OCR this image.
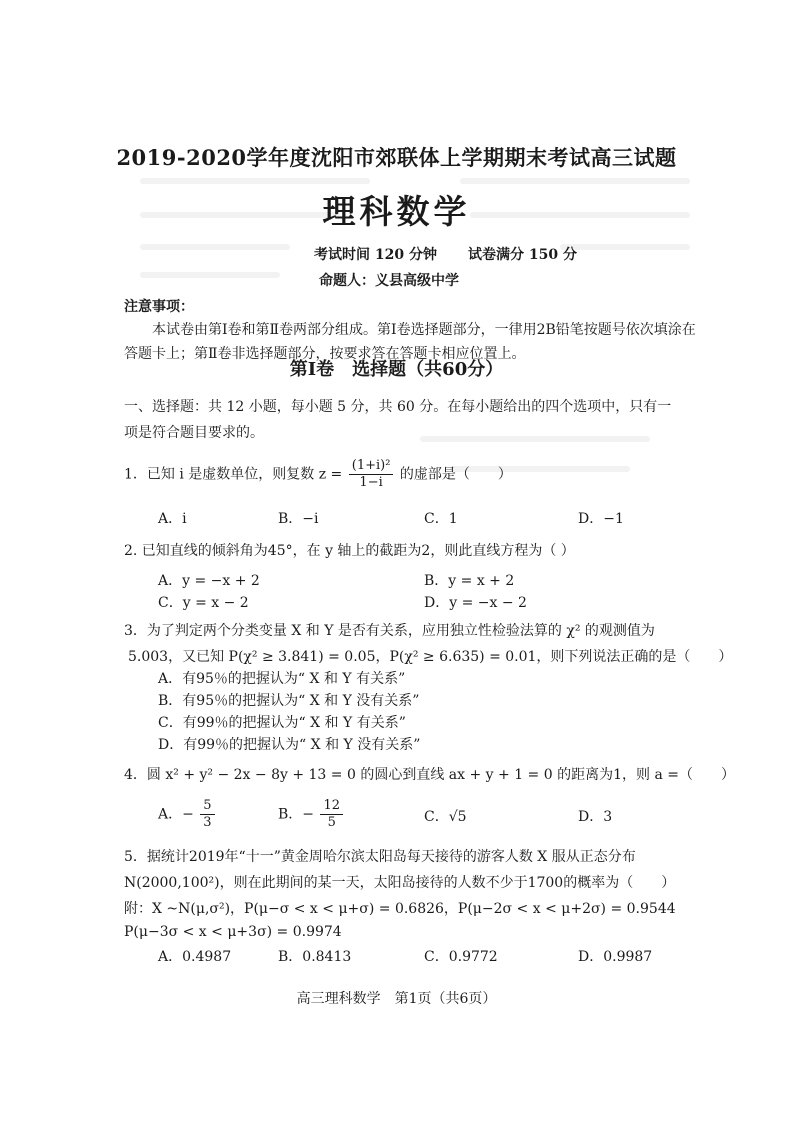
2019-2020学年度沈阳市郊联体上学期期末考试高三试题
理科数学
考试时间 120 分钟 试卷满分 150 分
命题人：义县高级中学
注意事项：
本试卷由第Ⅰ卷和第Ⅱ卷两部分组成。第Ⅰ卷选择题部分，一律用2B铅笔按题号依次填涂在答题卡上；第Ⅱ卷非选择题部分，按要求答在答题卡相应位置上。
第Ⅰ卷　选择题（共60分）
一、选择题：共 12 小题，每小题 5 分，共 60 分。在每小题给出的四个选项中，只有一
项是符合题目要求的。
1．已知 i 是虚数单位，则复数 $z = \frac{\text{(1+i)²}}{1-i}$ 的虚部是（　　）
A．i	B．−i	C．1	D．−1
2. 已知直线的倾斜角为45°，在 y 轴上的截距为2，则此直线方程为（ ）
A．y = −x + 2	B．y = x + 2
C．y = x − 2	D．y = −x − 2
3．为了判定两个分类变量 X 和 Y 是否有关系，应用独立性检验法算的 χ² 的观测值为
5.003，又已知 P(χ² ≥ 3.841) = 0.05，P(χ² ≥ 6.635) = 0.01，则下列说法正确的是（　　）
A．有95％的把握认为“ X 和 Y 有关系”
B．有95％的把握认为“ X 和 Y 没有关系”
C．有99％的把握认为“ X 和 Y 有关系”
D．有99％的把握认为“ X 和 Y 没有关系”
4．圆 x² + y² − 2x − 8y + 13 = 0 的圆心到直线 ax + y + 1 = 0 的距离为1，则 a =（　　）
A．− $\frac{5}{3}$	B．− $\frac{12}{5}$	C．√5	D．3
5．据统计2019年“十一”黄金周哈尔滨太阳岛每天接待的游客人数 X 服从正态分布
N(2000,100²)，则在此期间的某一天，太阳岛接待的人数不少于1700的概率为（　　）
附：X ~N(μ,σ²)，P(μ−σ < x < μ+σ) = 0.6826，P(μ−2σ < x < μ+2σ) = 0.9544
P(μ−3σ < x < μ+3σ) = 0.9974
A．0.4987	B．0.8413	C．0.9772	D．0.9987
高三理科数学　第1页（共6页）
